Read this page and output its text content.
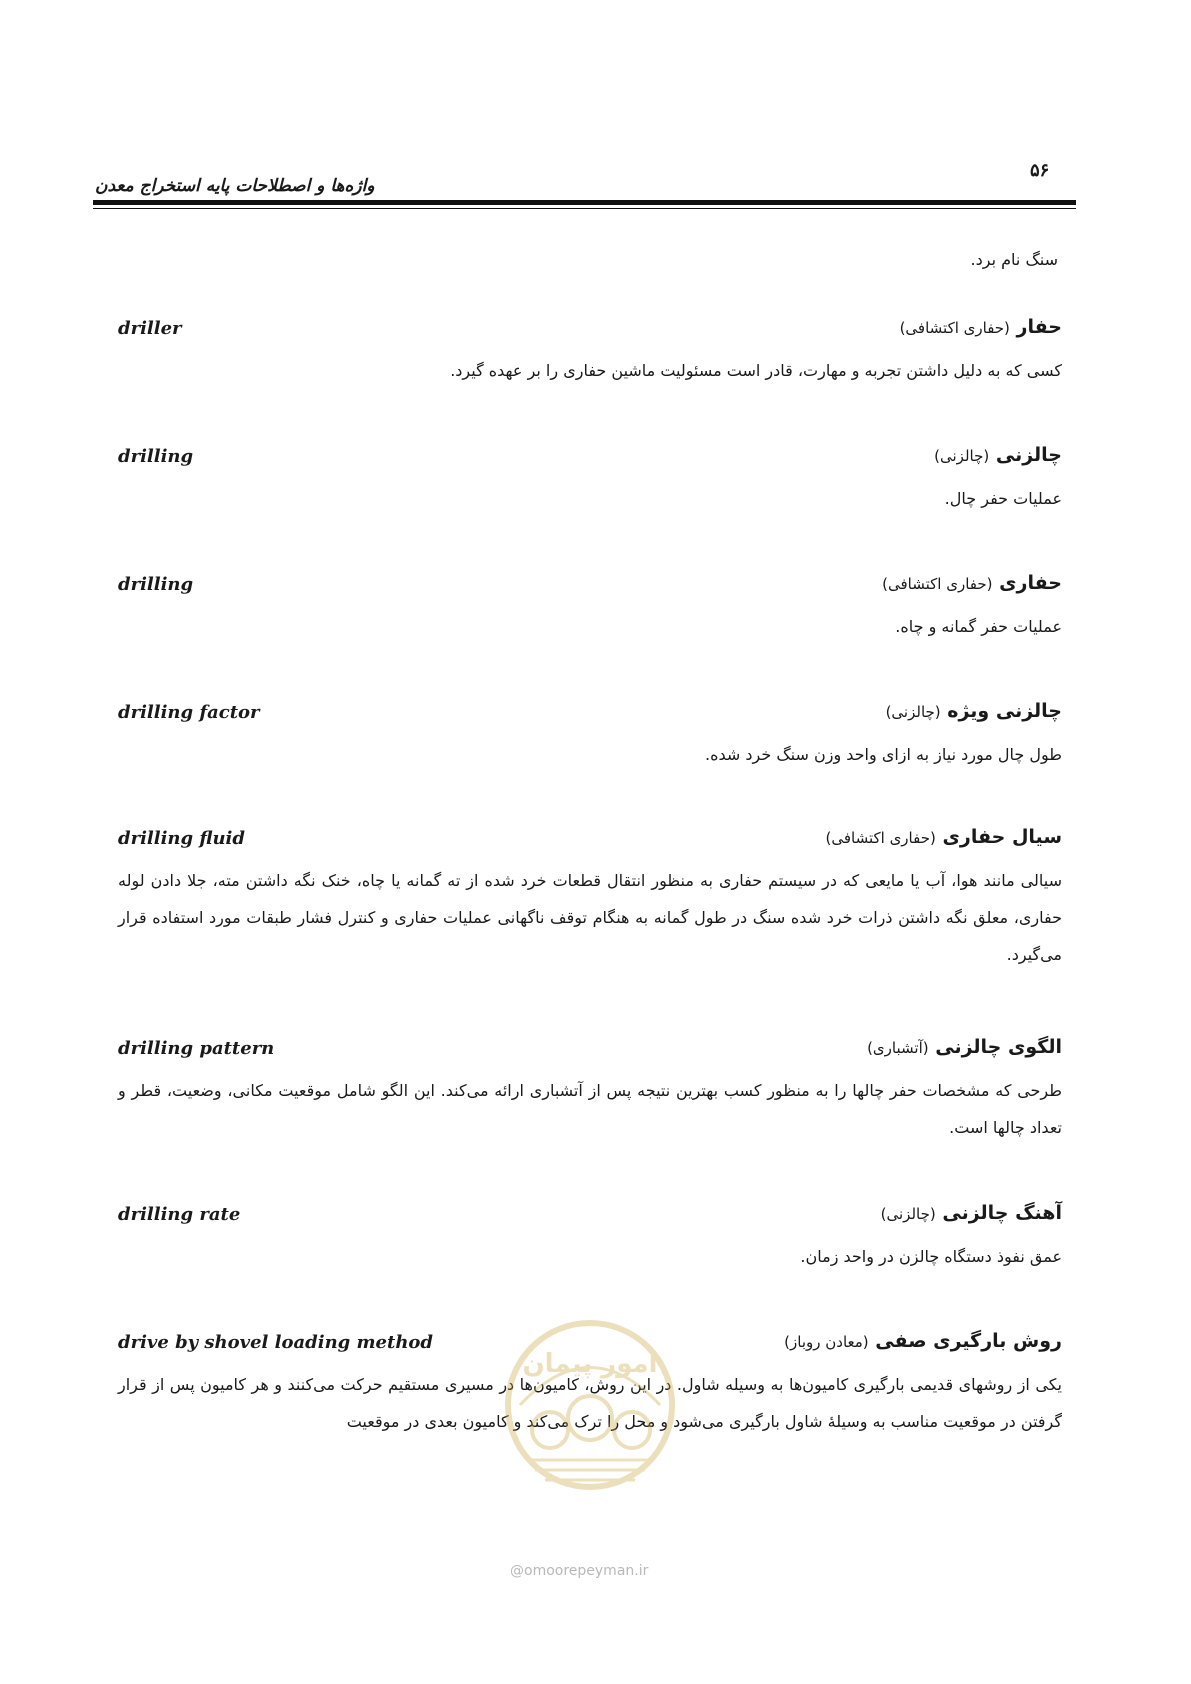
۵۶
واژه‌ها و اصطلاحات پایه استخراج معدن
سنگ نام برد.
حفار (حفاری اکتشافی)
driller
کسی که به دلیل داشتن تجربه و مهارت، قادر است مسئولیت ماشین حفاری را بر عهده گیرد.
چالزنی (چالزنی)
drilling
عملیات حفر چال.
حفاری (حفاری اکتشافی)
drilling
عملیات حفر گمانه و چاه.
چالزنی ویژه (چالزنی)
drilling factor
طول چال مورد نیاز به ازای واحد وزن سنگ خرد شده.
سیال حفاری (حفاری اکتشافی)
drilling fluid
سیالی مانند هوا، آب یا مایعی که در سیستم حفاری به منظور انتقال قطعات خرد شده از ته گمانه یا چاه، خنک نگه داشتن مته، جلا دادن لوله حفاری، معلق نگه داشتن ذرات خرد شده سنگ در طول گمانه به هنگام توقف ناگهانی عملیات حفاری و کنترل فشار طبقات مورد استفاده قرار می‌گیرد.
الگوی چالزنی (آتشباری)
drilling pattern
طرحی که مشخصات حفر چالها را به منظور کسب بهترین نتیجه پس از آتشباری ارائه می‌کند. این الگو شامل موقعیت مکانی، وضعیت، قطر و تعداد چالها است.
آهنگ چالزنی (چالزنی)
drilling rate
عمق نفوذ دستگاه چالزن در واحد زمان.
روش بارگیری صفی (معادن روباز)
drive by shovel loading method
یکی از روشهای قدیمی بارگیری کامیون‌ها به وسیله شاول. در این روش، کامیون‌ها در مسیری مستقیم حرکت می‌کنند و هر کامیون پس از قرار گرفتن در موقعیت مناسب به وسیلهٔ شاول بارگیری می‌شود و محل را ترک می‌کند و کامیون بعدی در موقعیت
امور پیمان
@omoorepeyman.ir
